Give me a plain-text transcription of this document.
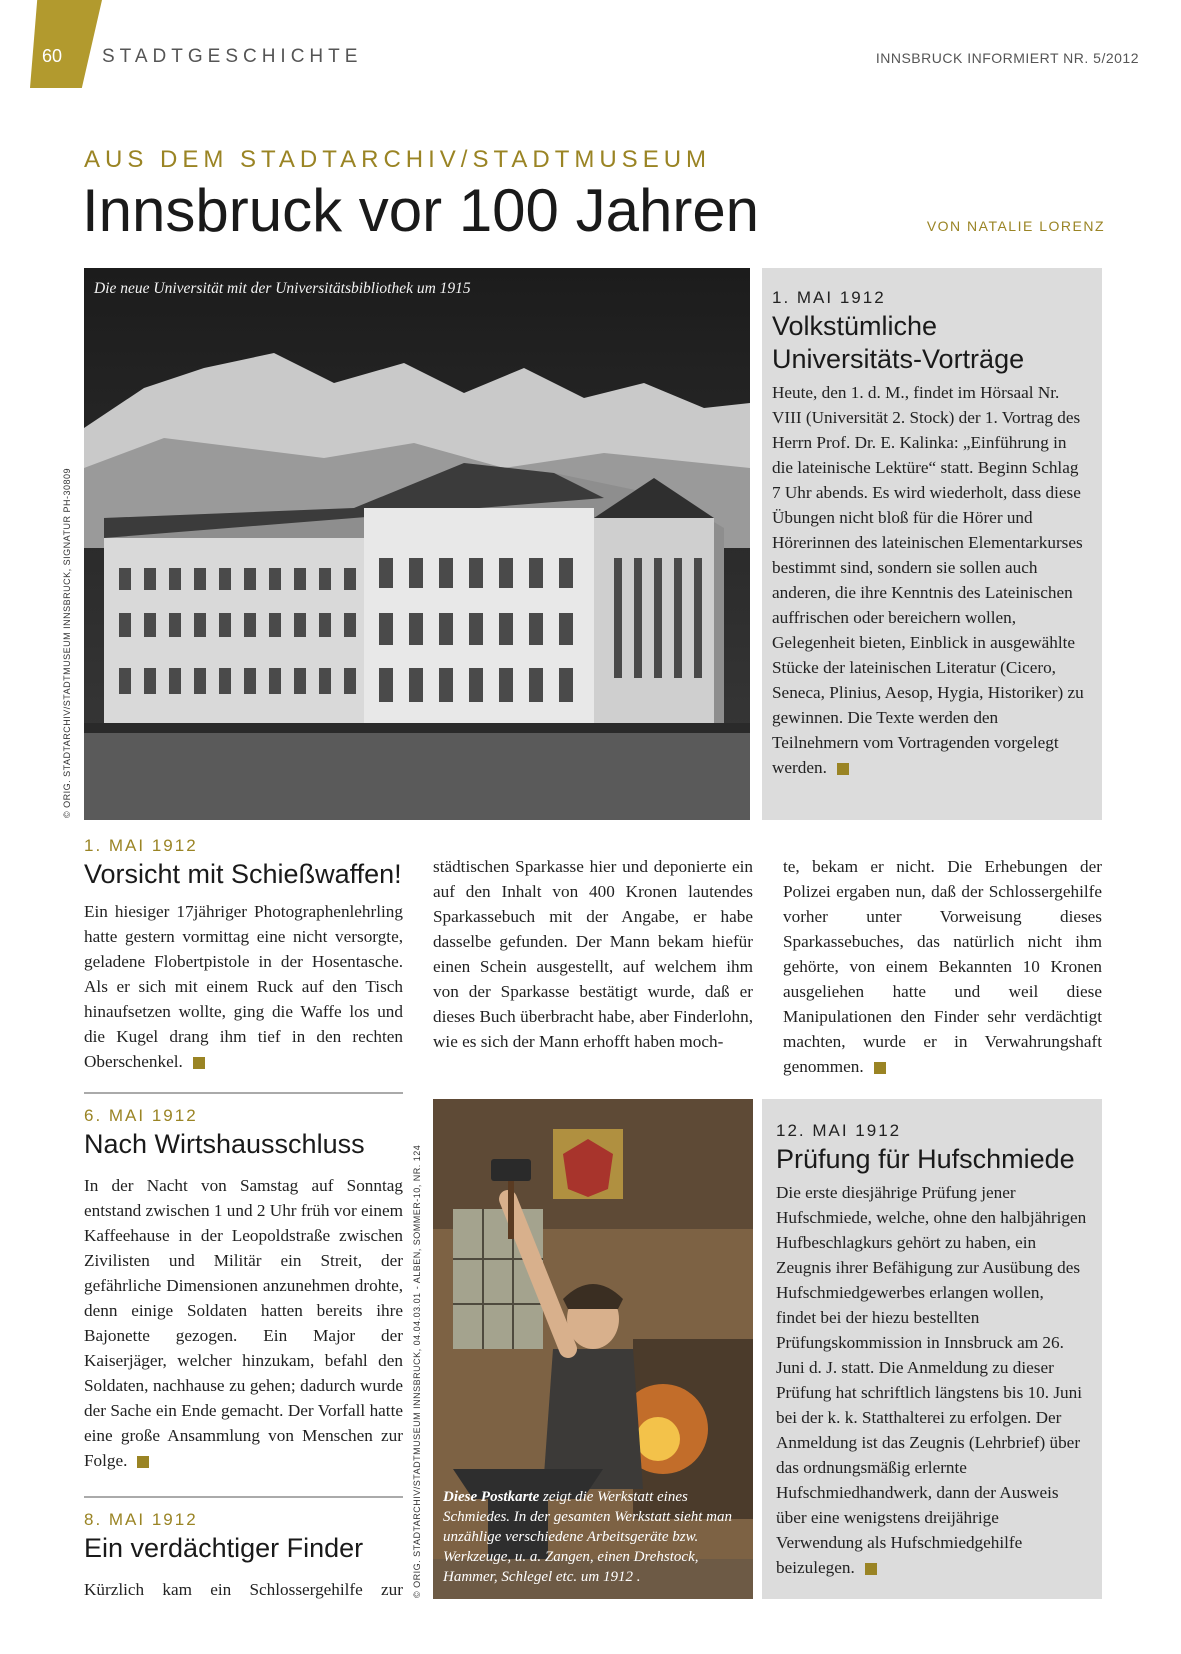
60 STADTGESCHICHTE	INNSBRUCK INFORMIERT NR. 5/2012
AUS DEM STADTARCHIV/STADTMUSEUM
Innsbruck vor 100 Jahren	VON NATALIE LORENZ
Die neue Universität mit der Universitätsbibliothek um 1915
© ORIG. STADTARCHIV/STADTMUSEUM INNSBRUCK, SIGNATUR PH-30809
1. MAI 1912
Volkstümliche Universitäts-Vorträge
Heute, den 1. d. M., findet im Hörsaal Nr. VIII (Universität 2. Stock) der 1. Vortrag des Herrn Prof. Dr. E. Kalinka: „Einführung in die lateinische Lektüre“ statt. Beginn Schlag 7 Uhr abends. Es wird wiederholt, dass diese Übungen nicht bloß für die Hörer und Hörerinnen des lateinischen Elementarkurses bestimmt sind, sondern sie sollen auch anderen, die ihre Kenntnis des Lateinischen auffrischen oder bereichern wollen, Gelegenheit bieten, Einblick in ausgewählte Stücke der lateinischen Literatur (Cicero, Seneca, Plinius, Aesop, Hygia, Historiker) zu gewinnen. Die Texte werden den Teilnehmern vom Vortragenden vorgelegt werden.
1. MAI 1912
Vorsicht mit Schießwaffen!
Ein hiesiger 17jähriger Photographenlehrling hatte gestern vormittag eine nicht versorgte, geladene Flobertpistole in der Hosentasche. Als er sich mit einem Ruck auf den Tisch hinaufsetzen wollte, ging die Waffe los und die Kugel drang ihm tief in den rechten Oberschenkel.
6. MAI 1912
Nach Wirtshausschluss
In der Nacht von Samstag auf Sonntag entstand zwischen 1 und 2 Uhr früh vor einem Kaffeehause in der Leopoldstraße zwischen Zivilisten und Militär ein Streit, der gefährliche Dimensionen anzunehmen drohte, denn einige Soldaten hatten bereits ihre Bajonette gezogen. Ein Major der Kaiserjäger, welcher hinzukam, befahl den Soldaten, nachhause zu gehen; dadurch wurde der Sache ein Ende gemacht. Der Vorfall hatte eine große Ansammlung von Menschen zur Folge.
8. MAI 1912
Ein verdächtiger Finder
Kürzlich kam ein Schlossergehilfe zur
städtischen Sparkasse hier und deponierte ein auf den Inhalt von 400 Kronen lautendes Sparkassebuch mit der Angabe, er habe dasselbe gefunden. Der Mann bekam hiefür einen Schein ausgestellt, auf welchem ihm von der Sparkasse bestätigt wurde, daß er dieses Buch überbracht habe, aber Finderlohn, wie es sich der Mann erhofft haben moch-
te, bekam er nicht. Die Erhebungen der Polizei ergaben nun, daß der Schlossergehilfe vorher unter Vorweisung dieses Sparkassebuches, das natürlich nicht ihm gehörte, von einem Bekannten 10 Kronen ausgeliehen hatte und weil diese Manipulationen den Finder sehr verdächtigt machten, wurde er in Verwahrungshaft genommen.
Diese Postkarte zeigt die Werkstatt eines Schmiedes. In der gesamten Werkstatt sieht man unzählige verschiedene Arbeitsgeräte bzw. Werkzeuge, u. a. Zangen, einen Drehstock, Hammer, Schlegel etc. um 1912 .
© ORIG. STADTARCHIV/STADTMUSEUM INNSBRUCK, 04.04.03.01 - ALBEN, SOMMER-10, NR. 124
12. MAI 1912
Prüfung für Hufschmiede
Die erste diesjährige Prüfung jener Hufschmiede, welche, ohne den halbjährigen Hufbeschlagkurs gehört zu haben, ein Zeugnis ihrer Befähigung zur Ausübung des Hufschmiedgewerbes erlangen wollen, findet bei der hiezu bestellten Prüfungskommission in Innsbruck am 26. Juni d. J. statt. Die Anmeldung zu dieser Prüfung hat schriftlich längstens bis 10. Juni bei der k. k. Statthalterei zu erfolgen. Der Anmeldung ist das Zeugnis (Lehrbrief) über das ordnungsmäßig erlernte Hufschmiedhandwerk, dann der Ausweis über eine wenigstens dreijährige Verwendung als Hufschmiedgehilfe beizulegen.
